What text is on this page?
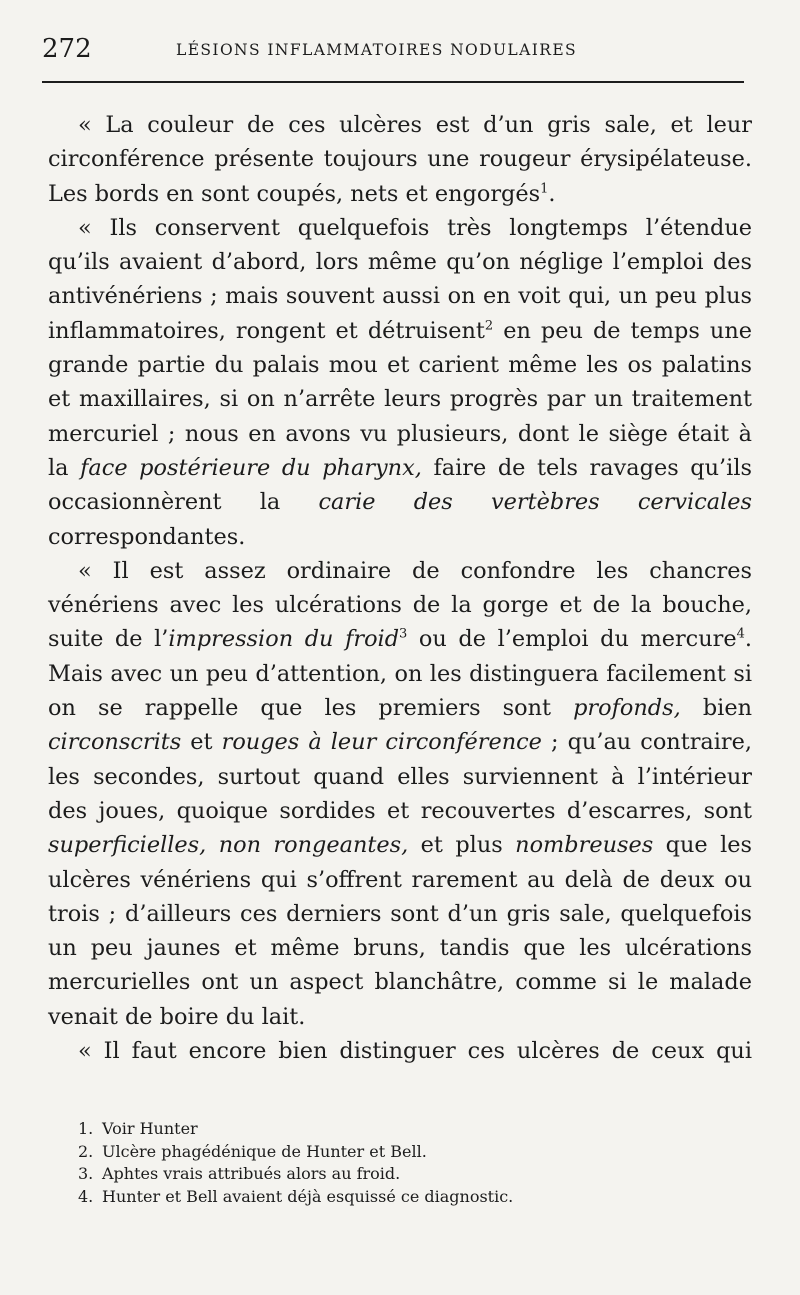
272	LÉSIONS INFLAMMATOIRES NODULAIRES

« La couleur de ces ulcères est d’un gris sale, et leur circonférence présente toujours une rougeur érysipélateuse. Les bords en sont coupés, nets et engorgés$^1$.

« Ils conservent quelquefois très longtemps l’étendue qu’ils avaient d’abord, lors même qu’on néglige l’emploi des antivénériens ; mais souvent aussi on en voit qui, un peu plus inflammatoires, rongent et détruisent$^2$ en peu de temps une grande partie du palais mou et carient même les os palatins et maxillaires, si on n’arrête leurs progrès par un traitement mercuriel ; nous en avons vu plusieurs, dont le siège était à la face postérieure du pharynx, faire de tels ravages qu’ils occasionnèrent la carie des vertèbres cervicales correspondantes.

« Il est assez ordinaire de confondre les chancres vénériens avec les ulcérations de la gorge et de la bouche, suite de l’impression du froid$^3$ ou de l’emploi du mercure$^4$. Mais avec un peu d’attention, on les distinguera facilement si on se rappelle que les premiers sont profonds, bien circonscrits et rouges à leur circonférence ; qu’au contraire, les secondes, surtout quand elles surviennent à l’intérieur des joues, quoique sordides et recouvertes d’escarres, sont superficielles, non rongeantes, et plus nombreuses que les ulcères vénériens qui s’offrent rarement au delà de deux ou trois ; d’ailleurs ces derniers sont d’un gris sale, quelquefois un peu jaunes et même bruns, tandis que les ulcérations mercurielles ont un aspect blanchâtre, comme si le malade venait de boire du lait.

« Il faut encore bien distinguer ces ulcères de ceux qui

1. Voir Hunter
2. Ulcère phagédénique de Hunter et Bell.
3. Aphtes vrais attribués alors au froid.
4. Hunter et Bell avaient déjà esquissé ce diagnostic.
